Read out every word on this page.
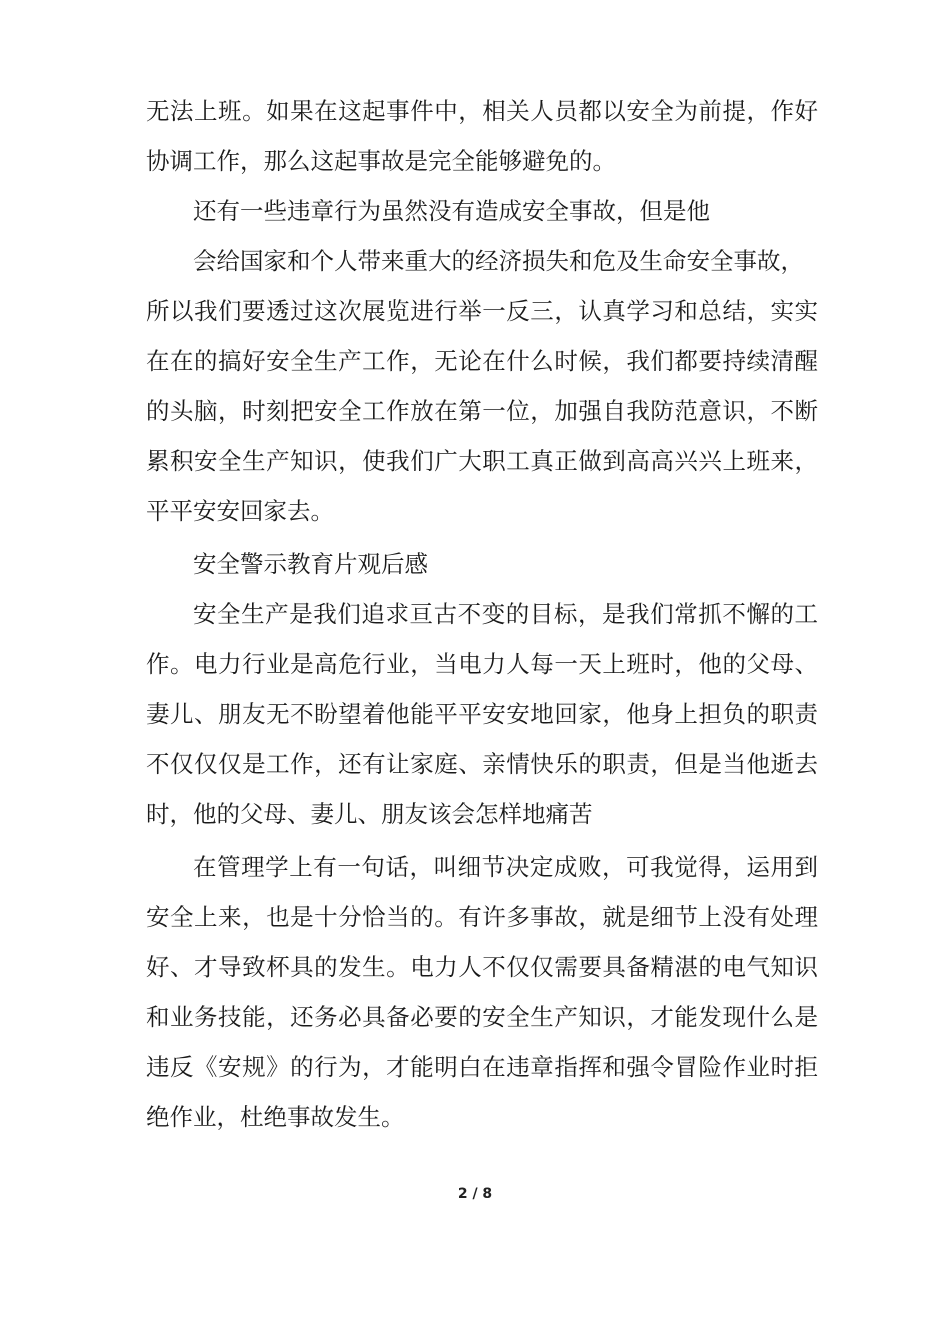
无法上班。如果在这起事件中，相关人员都以安全为前提，作好
协调工作，那么这起事故是完全能够避免的。
还有一些违章行为虽然没有造成安全事故，但是他
会给国家和个人带来重大的经济损失和危及生命安全事故，
所以我们要透过这次展览进行举一反三，认真学习和总结，实实
在在的搞好安全生产工作，无论在什么时候，我们都要持续清醒
的头脑，时刻把安全工作放在第一位，加强自我防范意识，不断
累积安全生产知识，使我们广大职工真正做到高高兴兴上班来，
平平安安回家去。
安全警示教育片观后感
安全生产是我们追求亘古不变的目标，是我们常抓不懈的工
作。电力行业是高危行业，当电力人每一天上班时，他的父母、
妻儿、朋友无不盼望着他能平平安安地回家，他身上担负的职责
不仅仅仅是工作，还有让家庭、亲情快乐的职责，但是当他逝去
时，他的父母、妻儿、朋友该会怎样地痛苦
在管理学上有一句话，叫细节决定成败，可我觉得，运用到
安全上来，也是十分恰当的。有许多事故，就是细节上没有处理
好、才导致杯具的发生。电力人不仅仅需要具备精湛的电气知识
和业务技能，还务必具备必要的安全生产知识，才能发现什么是
违反《安规》的行为，才能明白在违章指挥和强令冒险作业时拒
绝作业，杜绝事故发生。
2 / 8
